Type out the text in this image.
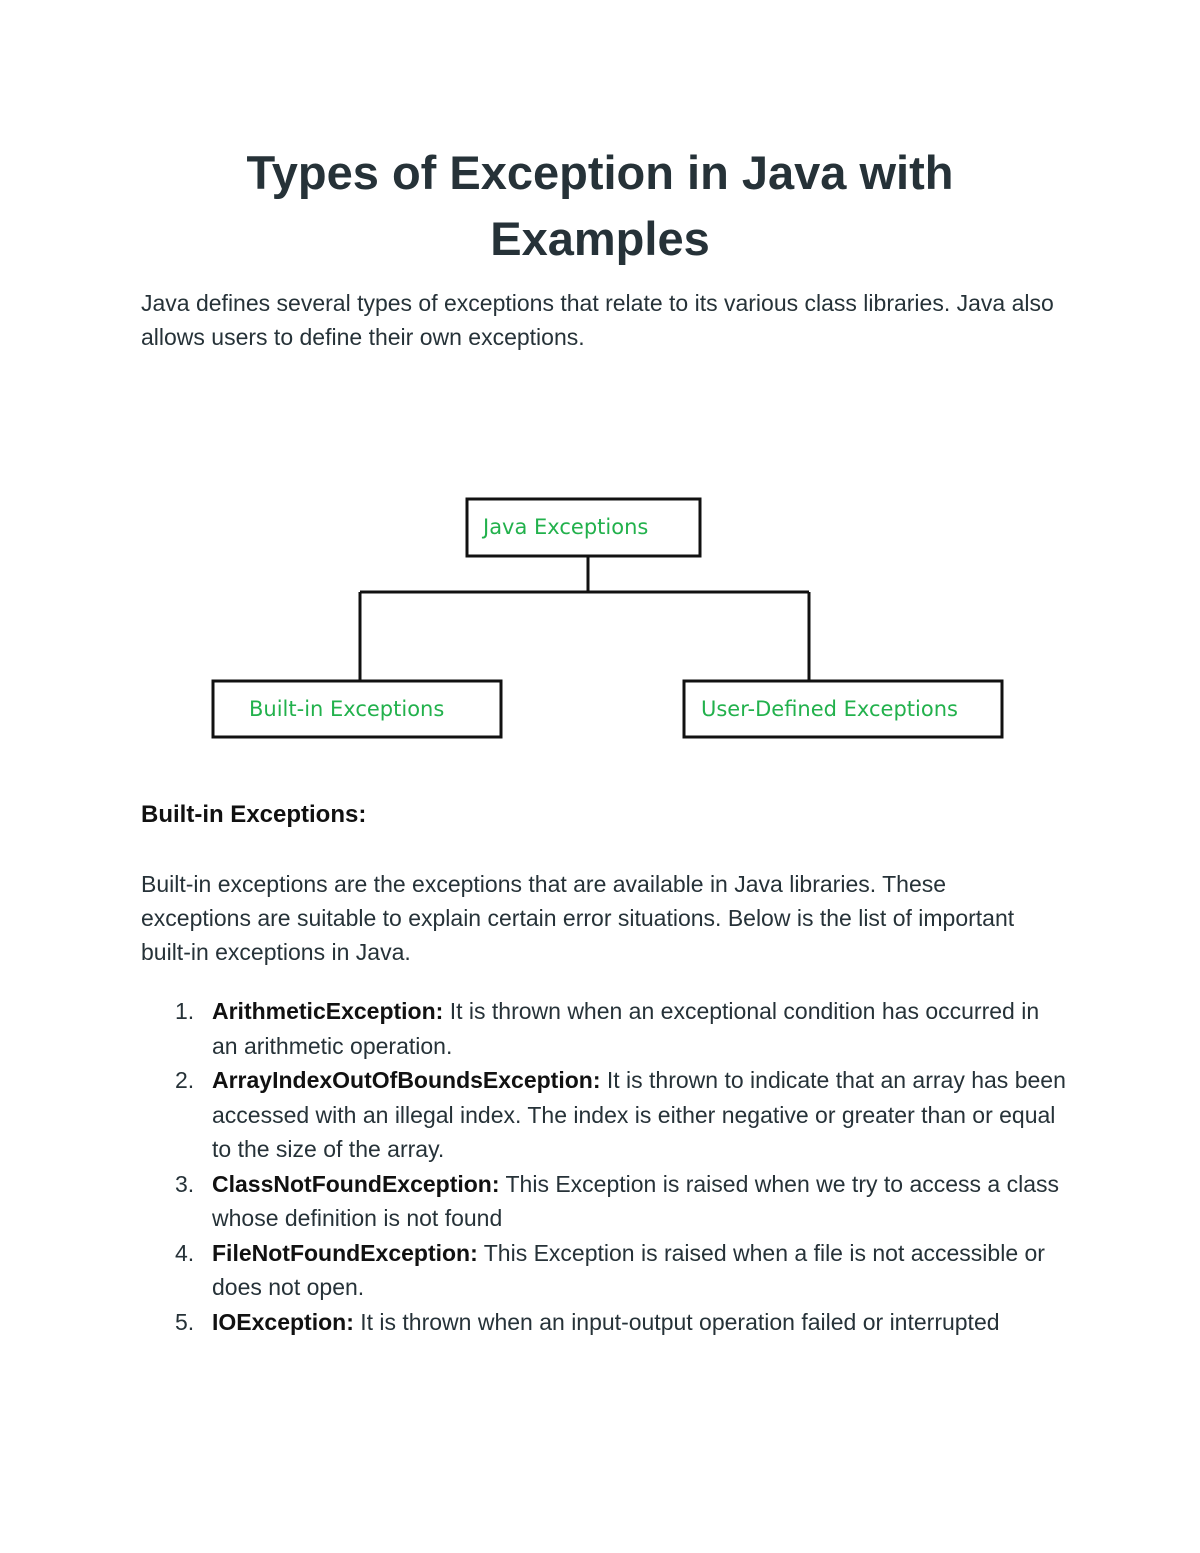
Types of Exception in Java with
Examples

Java defines several types of exceptions that relate to its various class libraries. Java also allows users to define their own exceptions.

Java Exceptions
Built-in Exceptions	User-Defined Exceptions
Built-in Exceptions:

Built-in exceptions are the exceptions that are available in Java libraries. These exceptions are suitable to explain certain error situations. Below is the list of important built-in exceptions in Java.

1. ArithmeticException: It is thrown when an exceptional condition has occurred in an arithmetic operation.
2. ArrayIndexOutOfBoundsException: It is thrown to indicate that an array has been accessed with an illegal index. The index is either negative or greater than or equal to the size of the array.
3. ClassNotFoundException: This Exception is raised when we try to access a class whose definition is not found
4. FileNotFoundException: This Exception is raised when a file is not accessible or does not open.
5. IOException: It is thrown when an input-output operation failed or interrupted
